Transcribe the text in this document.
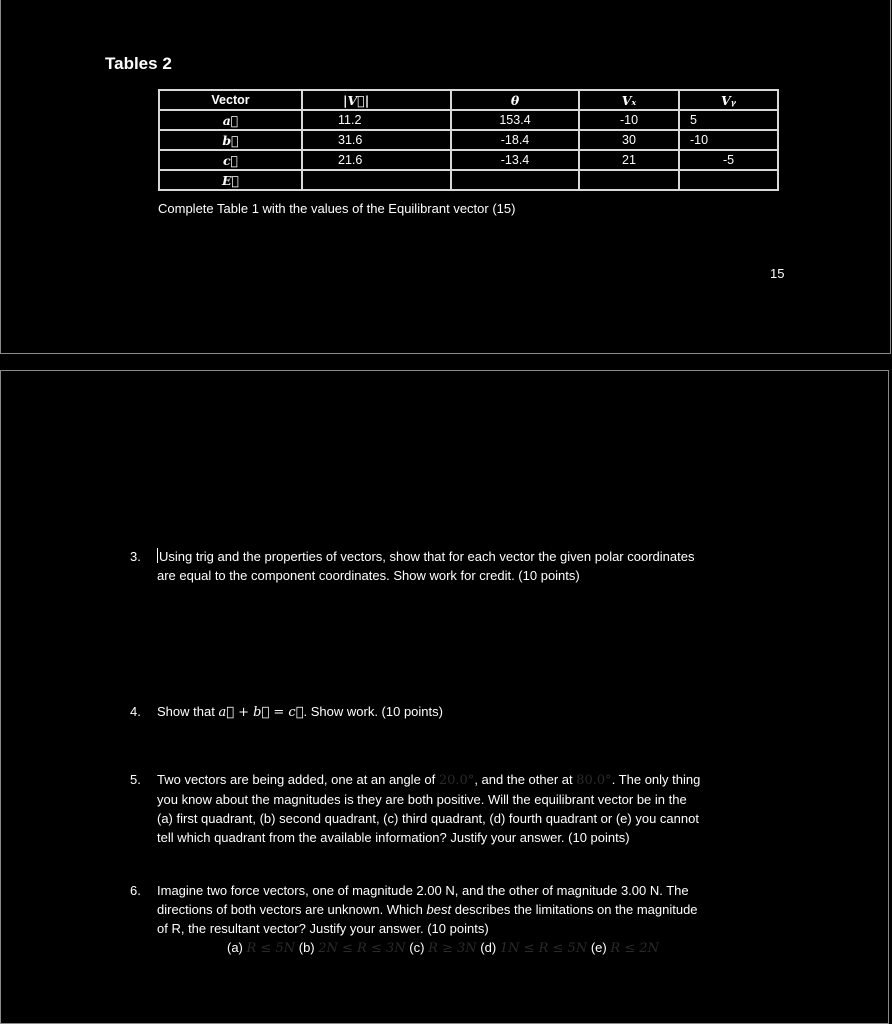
Tables 2
Vector	|V⃗|	θ	Vₓ	Vᵧ
a⃗	11.2	153.4	-10	5
b⃗	31.6	-18.4	30	-10
c⃗	21.6	-13.4	21	-5
E⃗				
Complete Table 1 with the values of the Equilibrant vector (15)
15
3. Using trig and the properties of vectors, show that for each vector the given polar coordinates
are equal to the component coordinates. Show work for credit. (10 points)
4. Show that a⃗ + b⃗ = c⃗. Show work. (10 points)
5. Two vectors are being added, one at an angle of 20.0°, and the other at 80.0°. The only thing
you know about the magnitudes is they are both positive. Will the equilibrant vector be in the
(a) first quadrant, (b) second quadrant, (c) third quadrant, (d) fourth quadrant or (e) you cannot
tell which quadrant from the available information? Justify your answer. (10 points)
6. Imagine two force vectors, one of magnitude 2.00 N, and the other of magnitude 3.00 N. The
directions of both vectors are unknown. Which best describes the limitations on the magnitude
of R, the resultant vector? Justify your answer. (10 points)
(a) R ≤ 5N (b) 2N ≤ R ≤ 3N (c) R ≥ 3N (d) 1N ≤ R ≤ 5N (e) R ≤ 2N
